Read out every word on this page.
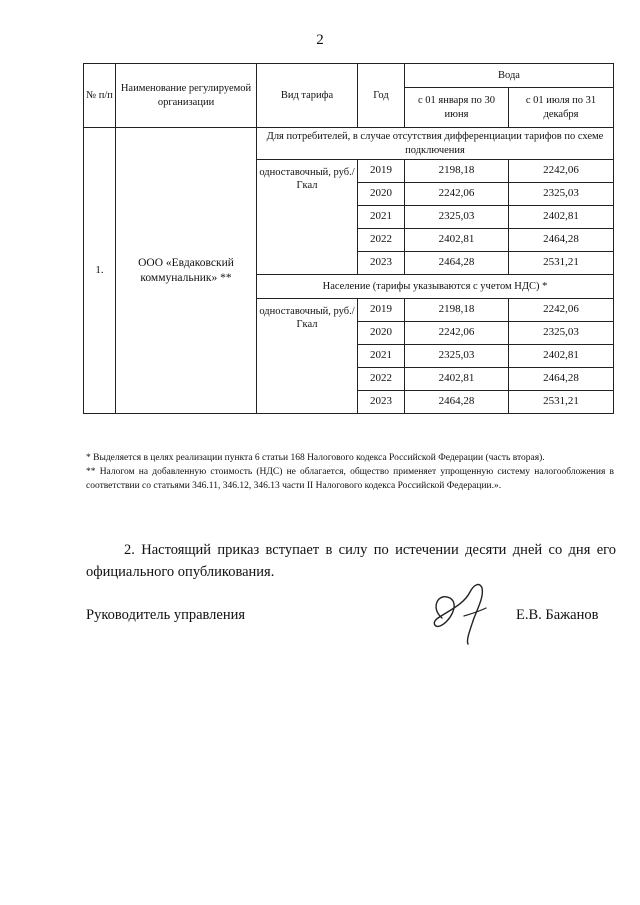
2
№ п/п	Наименование регулируемой организации	Вид тарифа	Год	Вода	
				с 01 января по 30 июня	с 01 июля по 31 декабря
1.	ООО «Евдаковский коммунальник» **	Для потребителей, в случае отсутствия дифференциации тарифов по схеме подключения			
		одноставочный, руб./Гкал	2019	2198,18	2242,06
			2020	2242,06	2325,03
			2021	2325,03	2402,81
			2022	2402,81	2464,28
			2023	2464,28	2531,21
		Население (тарифы указываются с учетом НДС) *			
		одноставочный, руб./Гкал	2019	2198,18	2242,06
			2020	2242,06	2325,03
			2021	2325,03	2402,81
			2022	2402,81	2464,28
			2023	2464,28	2531,21

* Выделяется в целях реализации пункта 6 статьи 168 Налогового кодекса Российской Федерации (часть вторая).

** Налогом на добавленную стоимость (НДС) не облагается, общество применяет упрощенную систему налогообложения в соответствии со статьями 346.11, 346.12, 346.13 части II Налогового кодекса Российской Федерации.».

2. Настоящий приказ вступает в силу по истечении десяти дней со дня его официального опубликования.
Руководитель управления	Е.В. Бажанов
